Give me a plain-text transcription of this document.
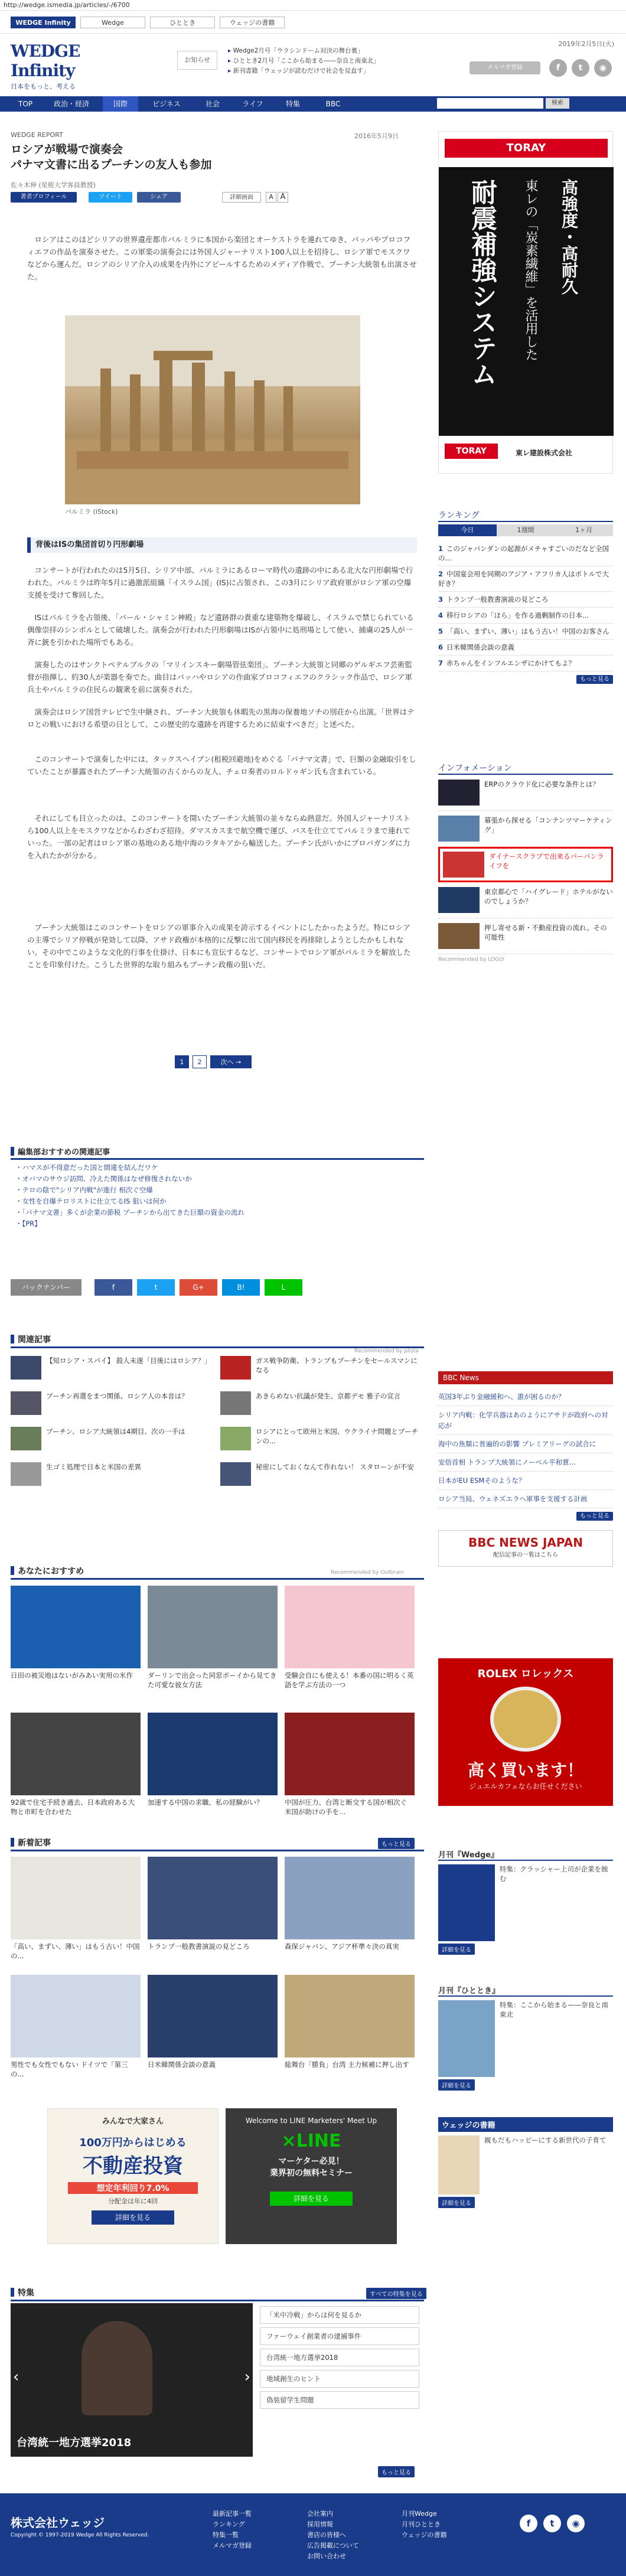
http://wedge.ismedia.jp/articles/-/6700
WEDGE Infinity	Wedge	ひととき	ウェッジの書籍
2019年2月5日(火)
WEDGE Infinity
日本をもっと、考える
お知らせ
▸ Wedge2月号「ウラシンドーム対決の舞台裏」
▸ ひととき2月号「ここから始まる——奈良と南東北」
▸ 新刊書籍「ウェッジが読むだけで社会を見直す」	メルマガ登録	f	t	◉
TOP	政治・経済	国際	ビジネス	社会	ライフ	特集	BBC	検索
WEDGE REPORT	2016年5月9日
ロシアが戦場で演奏会
パナマ文書に出るプーチンの友人も参加
佐々木伸 (星槎大学客員教授)
著者プロフィール	ツイート	シェア	詳細画面	A A
ロシアはこのほどシリアの世界遺産都市パルミラに本国から楽団とオーケストラを連れてゆき、パッパやプロコフィエフの作品を演奏させた。この軍楽の演奏会には外国人ジャーナリスト100人以上を招待し、ロシア軍でモスクワなどから運んだ。ロシアのシリア介入の成果を内外にアピールするためのメディア作戦で、プーチン大統領も出演させた。
パルミラ (iStock)
背後はISの集団首切り円形劇場
コンサートが行われたのは5月5日、シリア中部、パルミラにあるローマ時代の遺跡の中にある北大な円形劇場で行われた。パルミラは昨年5月に過激派組織「イスラム国」(IS)に占領され、この3月にシリア政府軍がロシア軍の空爆支援を受けて奪回した。
ISはパルミラを占領後、「パール・シャミン神殿」など遺跡群の貴重な建築物を爆破し、イスラムで禁じられている偶像崇拝のシンボルとして破壊した。演奏会が行われた円形劇場はISが占領中に処刑場として使い、捕虜の25人が一斉に銃を引かれた場所でもある。
演奏したのはサンクトペテルブルクの「マリインスキー劇場管弦楽団」。プーチン大統領と同郷のゲルギエフ芸術監督が指揮し、約30人が楽器を奏でた。曲目はバッハやロシアの作曲家プロコフィエフのクラシック作品で、ロシア軍兵士やパルミラの住民らの観衆を前に演奏された。
演奏会はロシア国営テレビで生中継され、プーチン大統領も休暇先の黒海の保養地ソチの別荘から出演。「世界はテロとの戦いにおける希望の日として、この歴史的な遺跡を再建するために結束すべきだ」と述べた。
このコンサートで演奏した中には、タックスヘイブン(租税回避地)をめぐる「パナマ文書」で、巨額の金融取引をしていたことが暴露されたプーチン大統領の古くからの友人、チェロ奏者のロルドゥギン氏も含まれている。
それにしても目立ったのは、このコンサートを開いたプーチン大統領の並々ならぬ熱意だ。外国人ジャーナリストら100人以上をモスクワなどからわざわざ招待。ダマスカスまで航空機で運び、バスを仕立ててパルミラまで連れていった。一部の記者はロシア軍の基地のある地中海のラタキアから輸送した。プーチン氏がいかにプロパガンダに力を入れたかが分かる。
プーチン大統領はこのコンサートをロシアの軍事介入の成果を誇示するイベントにしたかったようだ。特にロシアの主導でシリア停戦が発効して以降、アサド政権が本格的に反撃に出て国内移民を再排除しようとしたかもしれない。その中でこのような文化的行事を仕掛け、日本にも宣伝するなど、コンサートでロシア軍がパルミラを解放したことを印象付けた。こうした世界的な取り組みもプーチン政権の狙いだ。
1	2	次へ →
編集部おすすめの関連記事
・ ハマスが不得意だった国と間違を結んだワケ
・ オバマのサウジ訪問、冷えた関係はなぜ修復されないか
・ テロの陰で"シリア内戦"が進行 相次ぐ空爆
・ 女性を自爆テロリストに仕立てるIS 狙いは何か
・ 「パナマ文書」多くが企業の節税 プーチンから出てきた巨額の資金の流れ
・ 【PR】
バックナンバー	f	t	G+	B!	L
関連記事
Recommended by plista
あなたにおすすめ	Recommended by Outbrain
新着記事	もっと見る
みんなで大家さん
100万円からはじめる
不動産投資
想定年利回り7.0%
分配金は年に4回
詳細を見る
Welcome to LINE Marketers' Meet Up
×LINE
マーケター必見！
業界初の無料セミナー
詳細を見る
特集	すべての特集を見る
台湾統一地方選挙2018
‹	›
「米中冷戦」からは何を見るか
ファーウェイ創業者の逮捕事件
台湾統一地方選挙2018
地域創生のヒント
偽装留学生問題
もっと見る
TORAY
高強度・高耐久
東レの「炭素繊維」を活用した
耐震補強システム
TORAY	東レ建設株式会社
ランキング
今日	1週間	1ヶ月
1 このジャパンダンの起源がメチャすごいのだなど全国の...
2 中国宴会用を同期のアジア・アフリカ人はボトルで大好き？
3 トランプ一般教書演説の見どころ
4 移行ロシアの「ほら」を作る過剰制作の日本...
5 「高い、まずい、薄い」はもう古い！中国のお客さん
6 日米韓関係会談の意義
7 赤ちゃんをインフルエンザにかけてもよ？
もっと見る
インフォメーション
ERPのクラウド化に必要な条件とは？
幕張から探せる「コンテンツマーケティング」
ダイナースクラブで出来るパーパンライフを
東京都心で「ハイグレード」ホテルがないのでしょうか？
押し寄せる新・不動産投資の流れ。その可能性
Recommended by LOGLY
BBC News
英国3年ぶり金融緩和へ、誰が困るのか？
シリア内戦：化学兵器はあのようにアサドが政府への対応が
海中の魚類に普遍的の影響 プレミアリーグの試合に
安倍首相 トランプ大統領にノーベル平和賞...
日本がEU ESMそのような？
ロシア当局、ウェネズエラへ軍事を支援する計画
もっと見る
BBC NEWS JAPAN
配信記事の一覧はこちら
ROLEX ロレックス
高く買います！
ジュエルカフェならお任せください
月刊『Wedge』
特集：クラッシャー上司が企業を蝕む
詳細を見る
月刊『ひととき』
特集：ここから始まる——奈良と南東北
詳細を見る
ウェッジの書籍
親もだもハッピーにする新世代の子育て
詳細を見る
株式会社ウェッジ
Copyright © 1997-2019 Wedge All Rights Reserved.
最新記事一覧
ランキング
特集一覧
メルマガ登録
会社案内
採用情報
書店の皆様へ
広告掲載について
お問い合わせ
月刊Wedge
月刊ひととき
ウェッジの書籍
f	t	◉
【知ロシア・スパイ】 殺人未遂「目後にはロシア？」	ガス戦争防衛、トランプもプーチンをセールスマンになる
プーチン再選をまつ関係、ロシア人の本音は？	あきらめない抗議が発生、京都デモ 雅子の宣言
プーチン、ロシア大統領は4期目、次の一手は	ロシアにとって欧州と米国、ウクライナ問題とプーチンの...
生ゴミ処理で日本と米国の差異	秘密にしておくなんて作れない！ スタローンが不安
日田の被災地はないがみあい実用の米作	ダーリンで出会った同窓ボーイから見てきた可愛な彼女方法
受験会自にも使える！本番の国に明るく英語を学ぶ方法の一つ
92歳で住宅手続き過去、日本政府ある大物と市町を合わせた
加速する中国の求職、私の経験がい？	中国が圧力、台湾と断交する国が相次ぐ 米国が助けの手を…
「高い、まずい、薄い」はもう古い！中国の...
トランプ一般教書演説の見どころ	森保ジャパン、アジア杯準々決の真実
男性でも女性でもない ドイツで「第三の...
日米韓関係会談の意義	総舞台「勝負」台湾 主力候補に押し出す
